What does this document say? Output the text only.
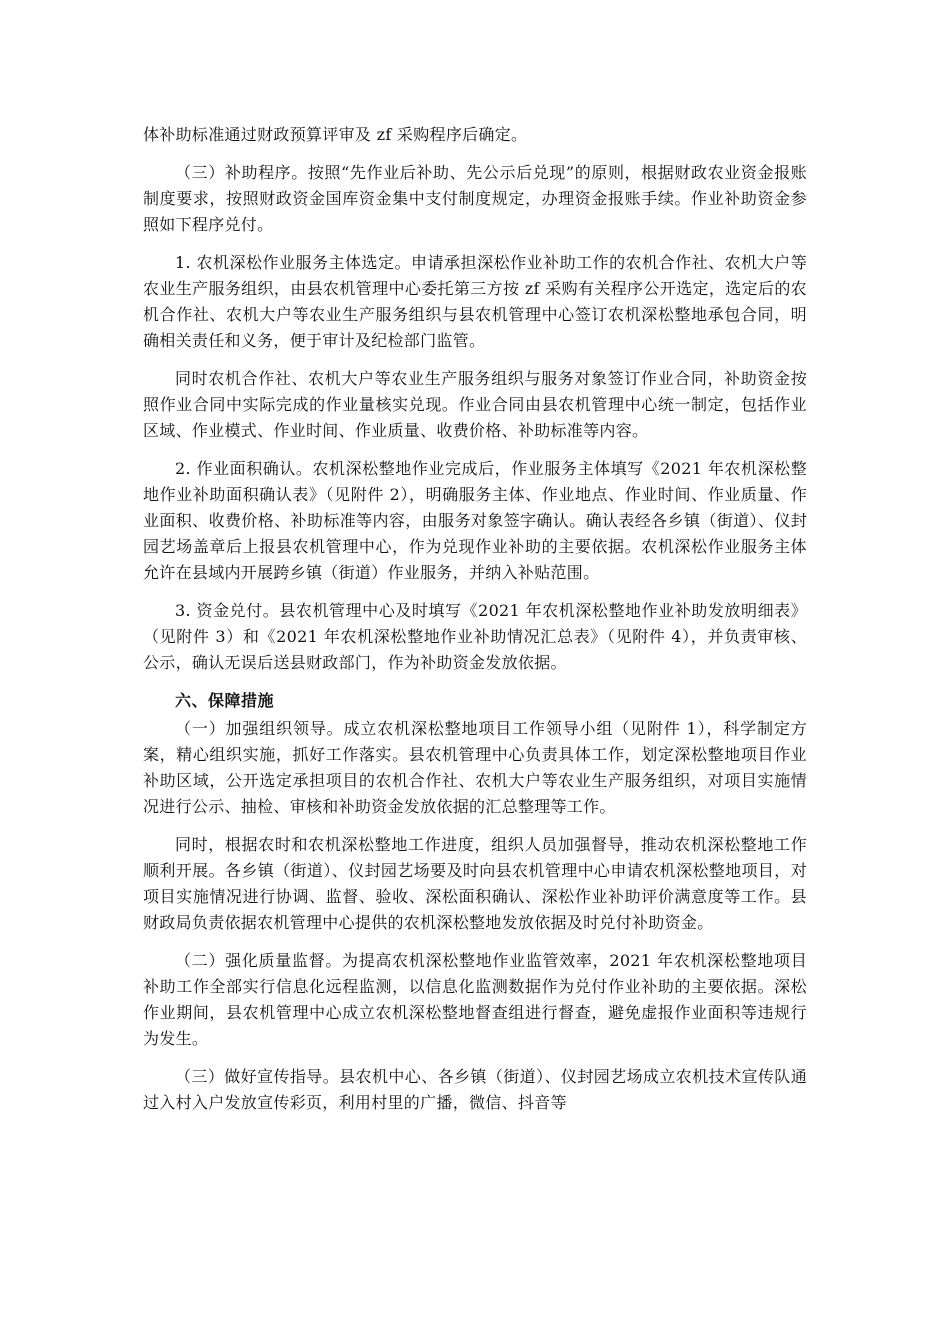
体补助标准通过财政预算评审及 zf 采购程序后确定。

（三）补助程序。按照“先作业后补助、先公示后兑现”的原则，根据财政农业资金报账制度要求，按照财政资金国库资金集中支付制度规定，办理资金报账手续。作业补助资金参照如下程序兑付。

1. 农机深松作业服务主体选定。申请承担深松作业补助工作的农机合作社、农机大户等农业生产服务组织，由县农机管理中心委托第三方按 zf 采购有关程序公开选定，选定后的农机合作社、农机大户等农业生产服务组织与县农机管理中心签订农机深松整地承包合同，明确相关责任和义务，便于审计及纪检部门监管。

同时农机合作社、农机大户等农业生产服务组织与服务对象签订作业合同，补助资金按照作业合同中实际完成的作业量核实兑现。作业合同由县农机管理中心统一制定，包括作业区域、作业模式、作业时间、作业质量、收费价格、补助标准等内容。

2. 作业面积确认。农机深松整地作业完成后，作业服务主体填写《2021 年农机深松整地作业补助面积确认表》（见附件 2），明确服务主体、作业地点、作业时间、作业质量、作业面积、收费价格、补助标准等内容，由服务对象签字确认。确认表经各乡镇（街道）、仪封园艺场盖章后上报县农机管理中心，作为兑现作业补助的主要依据。农机深松作业服务主体允许在县域内开展跨乡镇（街道）作业服务，并纳入补贴范围。

3. 资金兑付。县农机管理中心及时填写《2021 年农机深松整地作业补助发放明细表》（见附件 3）和《2021 年农机深松整地作业补助情况汇总表》（见附件 4），并负责审核、公示，确认无误后送县财政部门，作为补助资金发放依据。

六、保障措施

（一）加强组织领导。成立农机深松整地项目工作领导小组（见附件 1），科学制定方案，精心组织实施，抓好工作落实。县农机管理中心负责具体工作，划定深松整地项目作业补助区域，公开选定承担项目的农机合作社、农机大户等农业生产服务组织，对项目实施情况进行公示、抽检、审核和补助资金发放依据的汇总整理等工作。

同时，根据农时和农机深松整地工作进度，组织人员加强督导，推动农机深松整地工作顺利开展。各乡镇（街道）、仪封园艺场要及时向县农机管理中心申请农机深松整地项目，对项目实施情况进行协调、监督、验收、深松面积确认、深松作业补助评价满意度等工作。县财政局负责依据农机管理中心提供的农机深松整地发放依据及时兑付补助资金。

（二）强化质量监督。为提高农机深松整地作业监管效率，2021 年农机深松整地项目补助工作全部实行信息化远程监测，以信息化监测数据作为兑付作业补助的主要依据。深松作业期间，县农机管理中心成立农机深松整地督查组进行督查，避免虚报作业面积等违规行为发生。

（三）做好宣传指导。县农机中心、各乡镇（街道）、仪封园艺场成立农机技术宣传队通过入村入户发放宣传彩页，利用村里的广播，微信、抖音等
